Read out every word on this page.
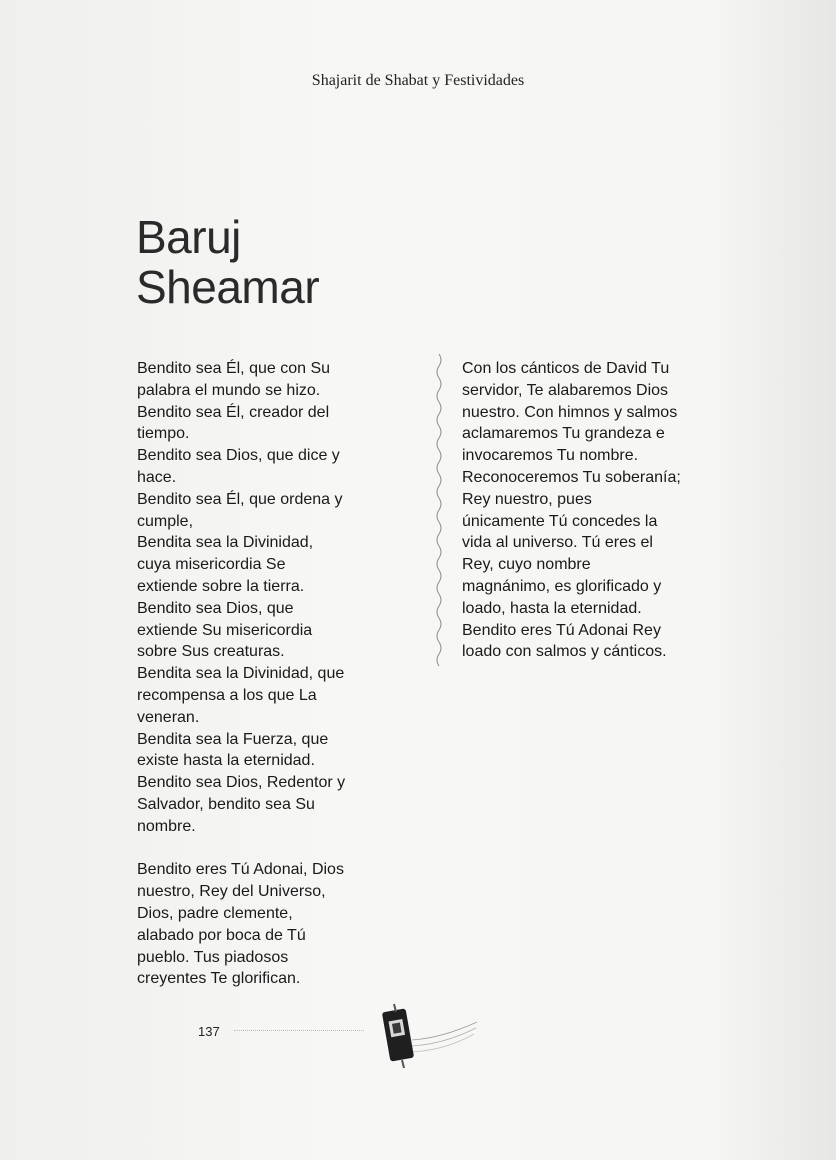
Shajarit de Shabat y Festividades
Baruj
Sheamar

Bendito sea Él, que con Su

palabra el mundo se hizo.

Bendito sea Él, creador del

tiempo.

Bendito sea Dios, que dice y

hace.

Bendito sea Él, que ordena y

cumple,

Bendita sea la Divinidad,

cuya misericordia Se

extiende sobre la tierra.

Bendito sea Dios, que

extiende Su misericordia

sobre Sus creaturas.

Bendita sea la Divinidad, que

recompensa a los que La

veneran.

Bendita sea la Fuerza, que

existe hasta la eternidad.

Bendito sea Dios, Redentor y

Salvador, bendito sea Su

nombre.

Bendito eres Tú Adonai, Dios

nuestro, Rey del Universo,

Dios, padre clemente,

alabado por boca de Tú

pueblo. Tus piadosos

creyentes Te glorifican.

Con los cánticos de David Tu

servidor, Te alabaremos Dios

nuestro. Con himnos y salmos

aclamaremos Tu grandeza e

invocaremos Tu nombre.

Reconoceremos Tu soberanía;

Rey nuestro, pues

únicamente Tú concedes la

vida al universo. Tú eres el

Rey, cuyo nombre

magnánimo, es glorificado y

loado, hasta la eternidad.

Bendito eres Tú Adonai Rey

loado con salmos y cánticos.

137
